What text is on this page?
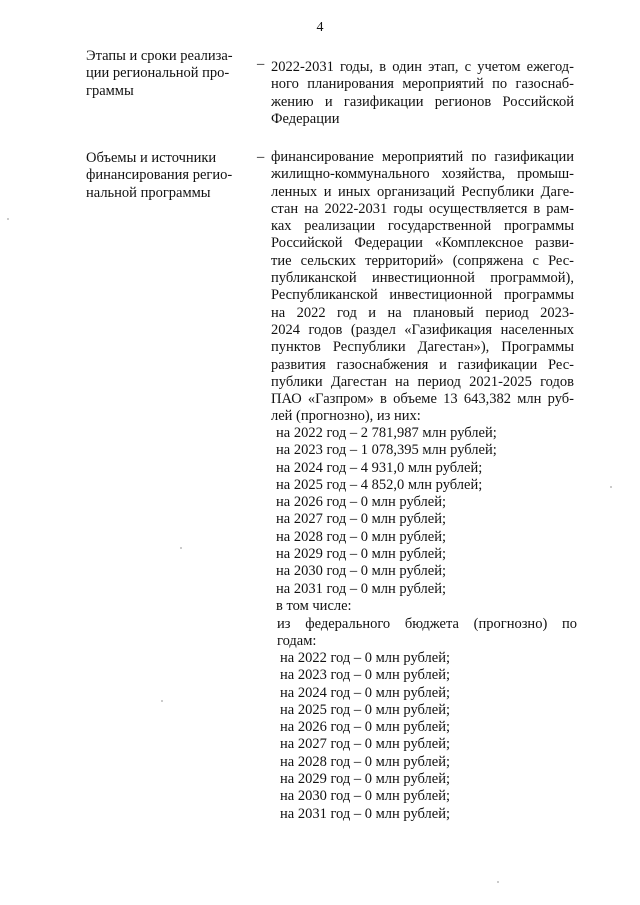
4
Этапы и сроки реализа-
ции региональной про-
граммы
– 2022-2031 годы, в один этап, с учетом ежегод-
ного планирования мероприятий по газоснаб-
жению и газификации регионов Российской
Федерации
Объемы и источники
финансирования регио-
нальной программы
– финансирование мероприятий по газификации
жилищно-коммунального хозяйства, промыш-
ленных и иных организаций Республики Даге-
стан на 2022-2031 годы осуществляется в рам-
ках реализации государственной программы
Российской Федерации «Комплексное разви-
тие сельских территорий» (сопряжена с Рес-
публиканской инвестиционной программой),
Республиканской инвестиционной программы
на 2022 год и на плановый период 2023-
2024 годов (раздел «Газификация населенных
пунктов Республики Дагестан»), Программы
развития газоснабжения и газификации Рес-
публики Дагестан на период 2021-2025 годов
ПАО «Газпром» в объеме 13 643,382 млн руб-
лей (прогнозно), из них:
на 2022 год – 2 781,987 млн рублей;
на 2023 год – 1 078,395 млн рублей;
на 2024 год – 4 931,0 млн рублей;
на 2025 год – 4 852,0 млн рублей;
на 2026 год – 0 млн рублей;
на 2027 год – 0 млн рублей;
на 2028 год – 0 млн рублей;
на 2029 год – 0 млн рублей;
на 2030 год – 0 млн рублей;
на 2031 год – 0 млн рублей;
в том числе:
из федерального бюджета (прогнозно) по
годам:
на 2022 год – 0 млн рублей;
на 2023 год – 0 млн рублей;
на 2024 год – 0 млн рублей;
на 2025 год – 0 млн рублей;
на 2026 год – 0 млн рублей;
на 2027 год – 0 млн рублей;
на 2028 год – 0 млн рублей;
на 2029 год – 0 млн рублей;
на 2030 год – 0 млн рублей;
на 2031 год – 0 млн рублей;
